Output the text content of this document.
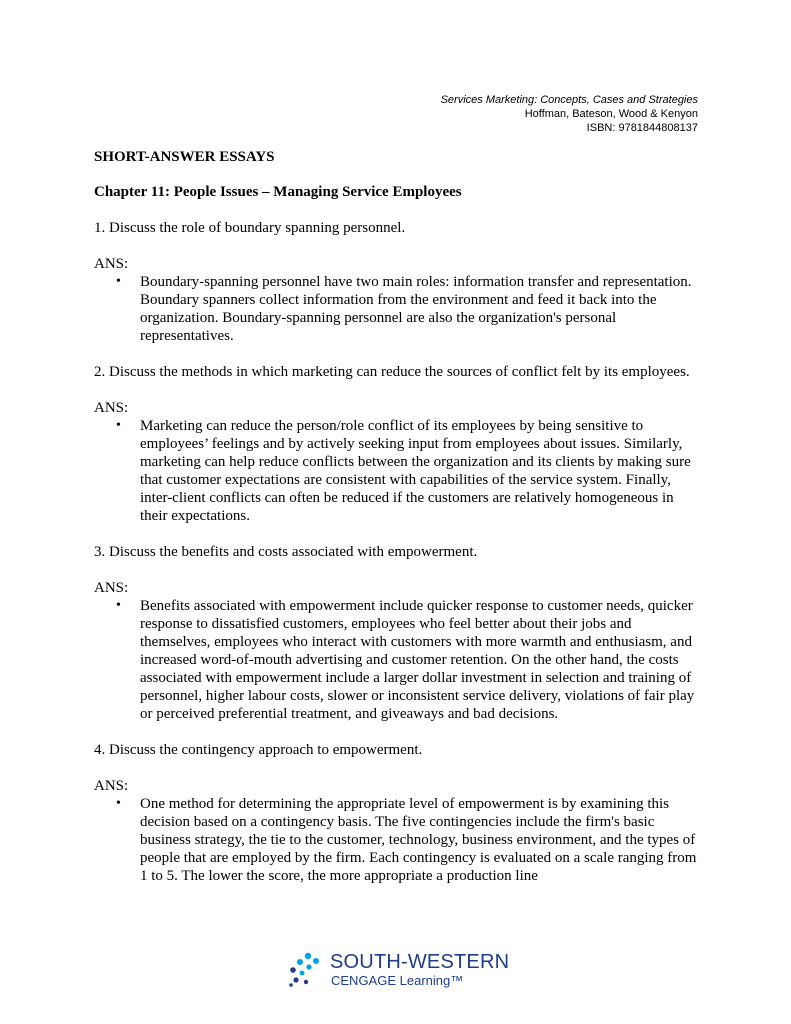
Services Marketing: Concepts, Cases and Strategies
Hoffman, Bateson, Wood & Kenyon
ISBN: 9781844808137

SHORT-ANSWER ESSAYS

Chapter 11: People Issues – Managing Service Employees

1. Discuss the role of boundary spanning personnel.

ANS:

• Boundary-spanning personnel have two main roles: information transfer and representation. Boundary spanners collect information from the environment and feed it back into the organization. Boundary-spanning personnel are also the organization's personal representatives.

2. Discuss the methods in which marketing can reduce the sources of conflict felt by its employees.

ANS:

• Marketing can reduce the person/role conflict of its employees by being sensitive to employees’ feelings and by actively seeking input from employees about issues. Similarly, marketing can help reduce conflicts between the organization and its clients by making sure that customer expectations are consistent with capabilities of the service system. Finally, inter-client conflicts can often be reduced if the customers are relatively homogeneous in their expectations.

3. Discuss the benefits and costs associated with empowerment.

ANS:

• Benefits associated with empowerment include quicker response to customer needs, quicker response to dissatisfied customers, employees who feel better about their jobs and themselves, employees who interact with customers with more warmth and enthusiasm, and increased word-of-mouth advertising and customer retention. On the other hand, the costs associated with empowerment include a larger dollar investment in selection and training of personnel, higher labour costs, slower or inconsistent service delivery, violations of fair play or perceived preferential treatment, and giveaways and bad decisions.

4. Discuss the contingency approach to empowerment.

ANS:

• One method for determining the appropriate level of empowerment is by examining this decision based on a contingency basis. The five contingencies include the firm's basic business strategy, the tie to the customer, technology, business environment, and the types of people that are employed by the firm. Each contingency is evaluated on a scale ranging from 1 to 5. The lower the score, the more appropriate a production line
SOUTH-WESTERN
CENGAGE Learning™
